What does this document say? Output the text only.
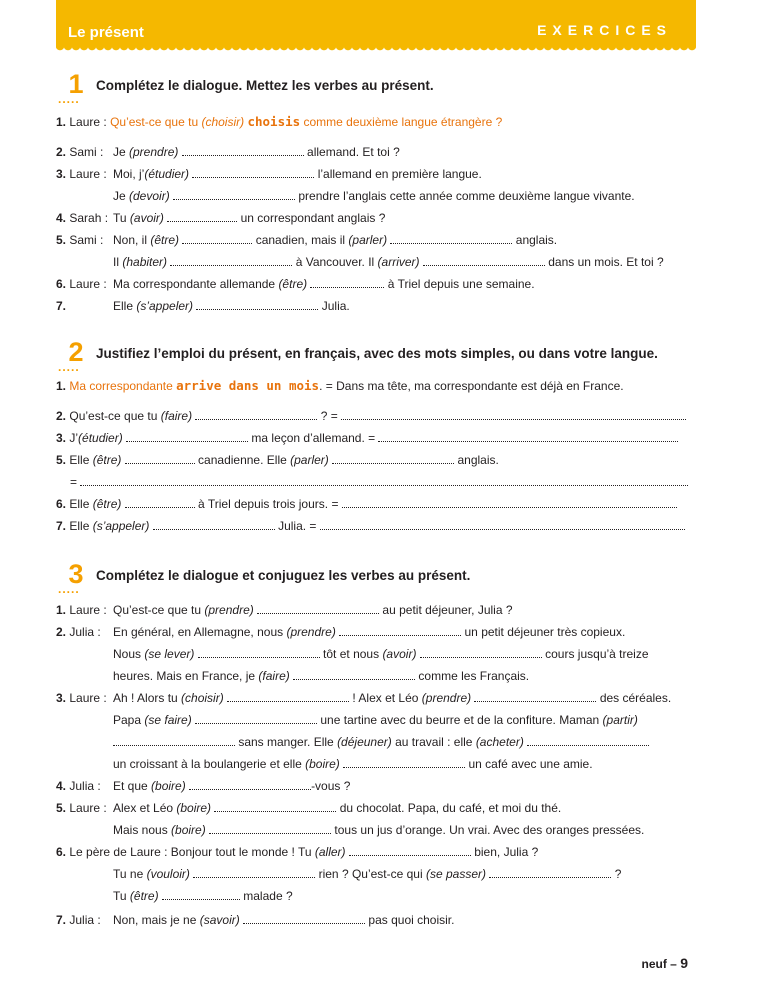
Le présent	EXERCICES
1
.....
Complétez le dialogue. Mettez les verbes au présent.
1. Laure : Qu’est-ce que tu (choisir) choisis comme deuxième langue étrangère ?
2. Sami : Je (prendre)	allemand. Et toi ?
3. Laure : Moi, j’(étudier)	l’allemand en première langue.
Je (devoir)	prendre l’anglais cette année comme deuxième langue vivante.
4. Sarah : Tu (avoir)	un correspondant anglais ?
5. Sami : Non, il (être)	canadien, mais il (parler)	anglais.
Il (habiter)	à Vancouver. Il (arriver)	dans un mois. Et toi ?
6. Laure : Ma correspondante allemande (être)	à Triel depuis une semaine.
7.	Elle (s’appeler)	Julia.
2
.....
Justifiez l’emploi du présent, en français, avec des mots simples, ou dans votre langue.
1. Ma correspondante arrive dans un mois. = Dans ma tête, ma correspondante est déjà en France.
2. Qu’est-ce que tu (faire)	? =
3. J’(étudier)	ma leçon d’allemand. =
5. Elle (être)	canadienne. Elle (parler)	anglais.
=
6. Elle (être)	à Triel depuis trois jours. =
7. Elle (s’appeler)	Julia. =
3
.....
Complétez le dialogue et conjuguez les verbes au présent.
1. Laure : Qu’est-ce que tu (prendre)	au petit déjeuner, Julia ?
2. Julia : En général, en Allemagne, nous (prendre)	un petit déjeuner très copieux.
Nous (se lever)	tôt et nous (avoir)	cours jusqu’à treize
heures. Mais en France, je (faire)	comme les Français.
3. Laure : Ah ! Alors tu (choisir)	! Alex et Léo (prendre)	des céréales.
Papa (se faire)	une tartine avec du beurre et de la confiture. Maman (partir)
sans manger. Elle (déjeuner) au travail : elle (acheter)
un croissant à la boulangerie et elle (boire)	un café avec une amie.
4. Julia : Et que (boire)	-vous ?
5. Laure : Alex et Léo (boire)	du chocolat. Papa, du café, et moi du thé.
Mais nous (boire)	tous un jus d’orange. Un vrai. Avec des oranges pressées.
6. Le père de Laure : Bonjour tout le monde ! Tu (aller)	bien, Julia ?
Tu ne (vouloir)	rien ? Qu’est-ce qui (se passer)	?
Tu (être)	malade ?
7. Julia : Non, mais je ne (savoir)	pas quoi choisir.
neuf – 9
